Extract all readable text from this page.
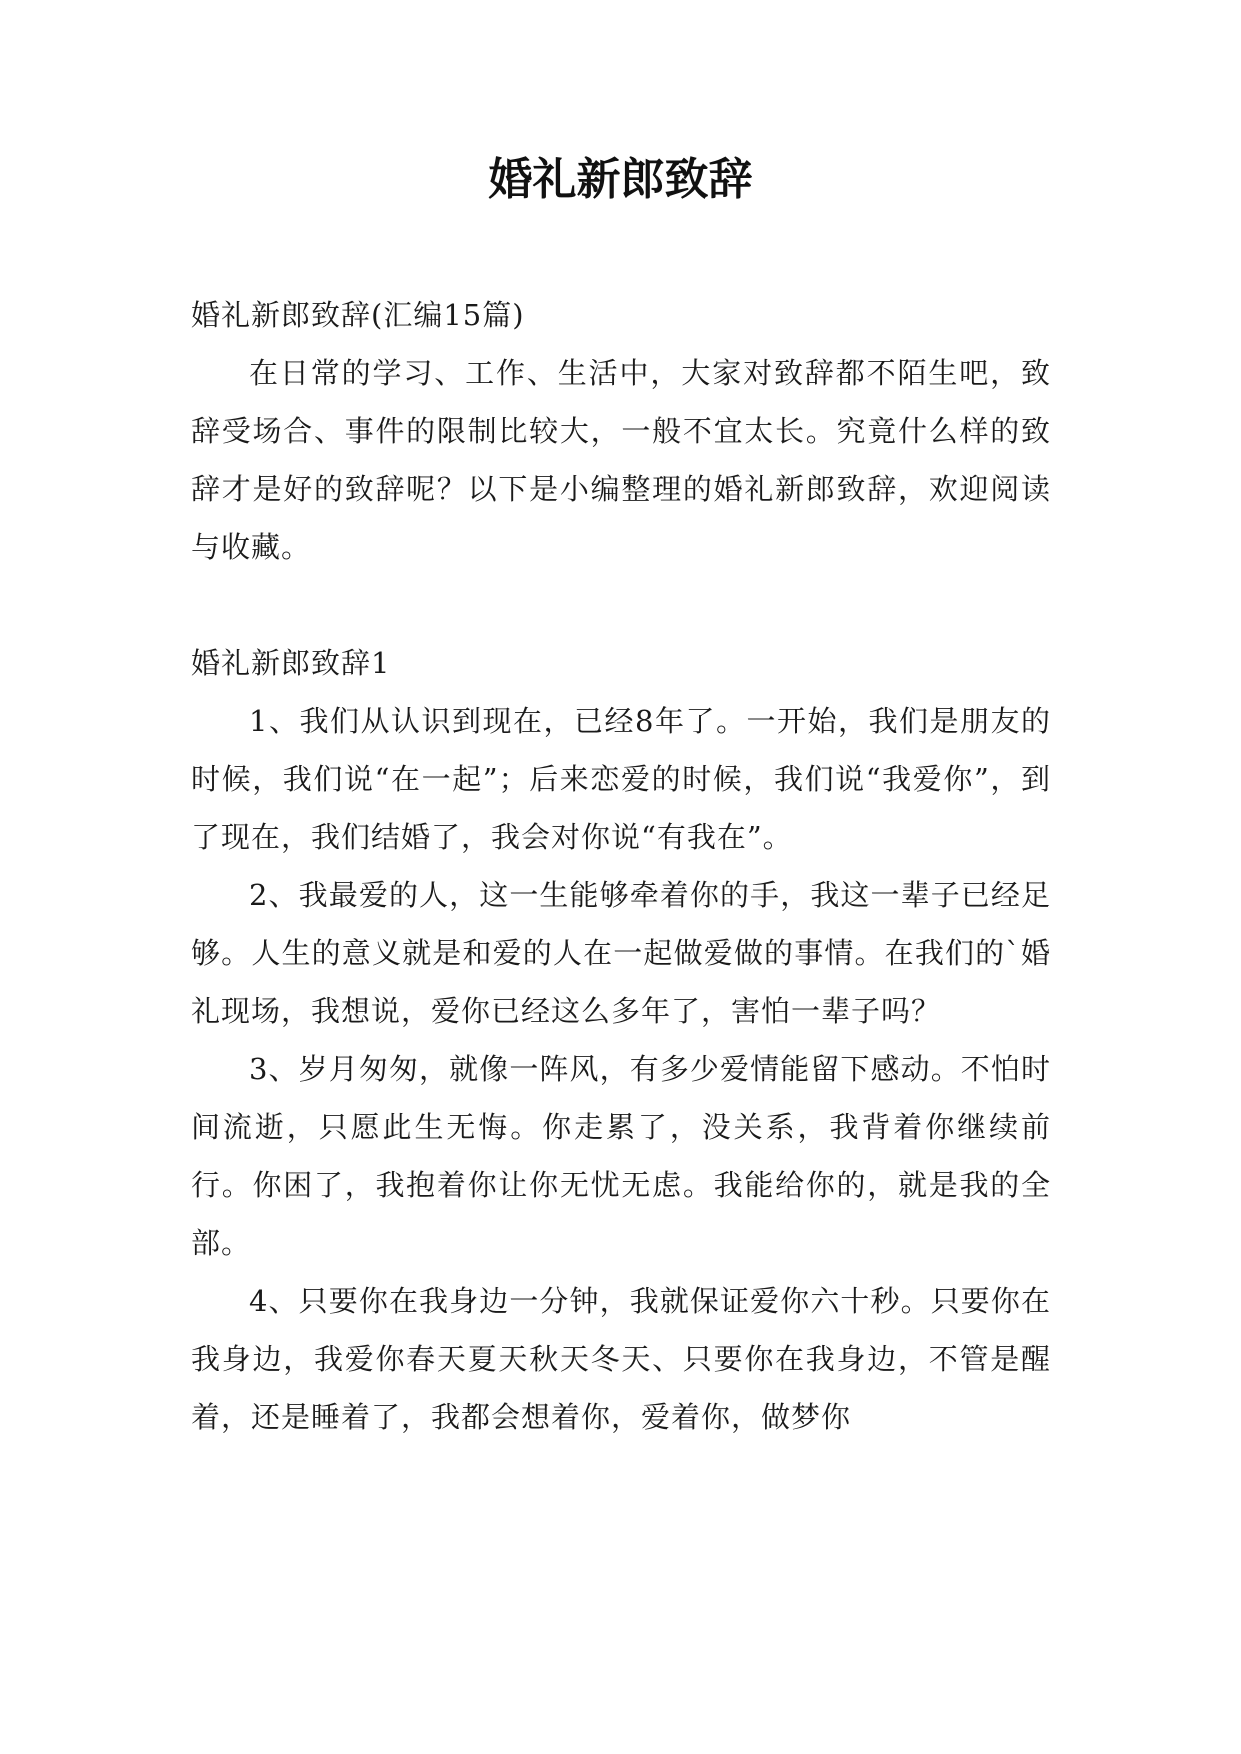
婚礼新郎致辞

婚礼新郎致辞(汇编15篇)

在日常的学习、工作、生活中，大家对致辞都不陌生吧，致辞受场合、事件的限制比较大，一般不宜太长。究竟什么样的致辞才是好的致辞呢？以下是小编整理的婚礼新郎致辞，欢迎阅读与收藏。

婚礼新郎致辞1

1、我们从认识到现在，已经8年了。一开始，我们是朋友的时候，我们说“在一起”；后来恋爱的时候，我们说“我爱你”，到了现在，我们结婚了，我会对你说“有我在”。

2、我最爱的人，这一生能够牵着你的手，我这一辈子已经足够。人生的意义就是和爱的人在一起做爱做的事情。在我们的`婚礼现场，我想说，爱你已经这么多年了，害怕一辈子吗？

3、岁月匆匆，就像一阵风，有多少爱情能留下感动。不怕时间流逝，只愿此生无悔。你走累了，没关系，我背着你继续前行。你困了，我抱着你让你无忧无虑。我能给你的，就是我的全部。

4、只要你在我身边一分钟，我就保证爱你六十秒。只要你在我身边，我爱你春天夏天秋天冬天、只要你在我身边，不管是醒着，还是睡着了，我都会想着你，爱着你，做梦你
